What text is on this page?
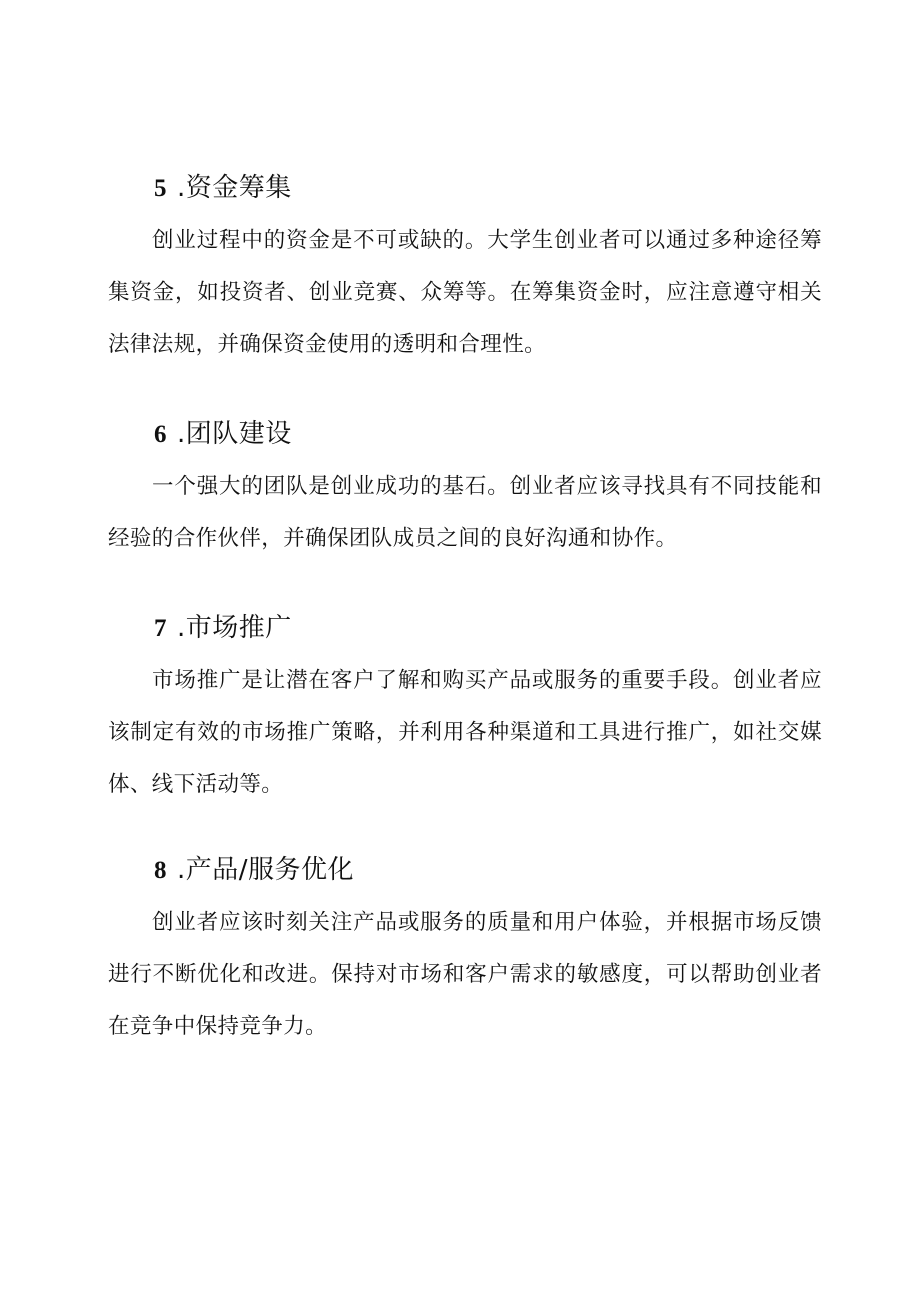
5 .资金筹集

创业过程中的资金是不可或缺的。大学生创业者可以通过多种途径筹集资金，如投资者、创业竞赛、众筹等。在筹集资金时，应注意遵守相关法律法规，并确保资金使用的透明和合理性。

6 .团队建设

一个强大的团队是创业成功的基石。创业者应该寻找具有不同技能和经验的合作伙伴，并确保团队成员之间的良好沟通和协作。

7 .市场推广

市场推广是让潜在客户了解和购买产品或服务的重要手段。创业者应该制定有效的市场推广策略，并利用各种渠道和工具进行推广，如社交媒体、线下活动等。

8 .产品/服务优化

创业者应该时刻关注产品或服务的质量和用户体验，并根据市场反馈进行不断优化和改进。保持对市场和客户需求的敏感度，可以帮助创业者在竞争中保持竞争力。
